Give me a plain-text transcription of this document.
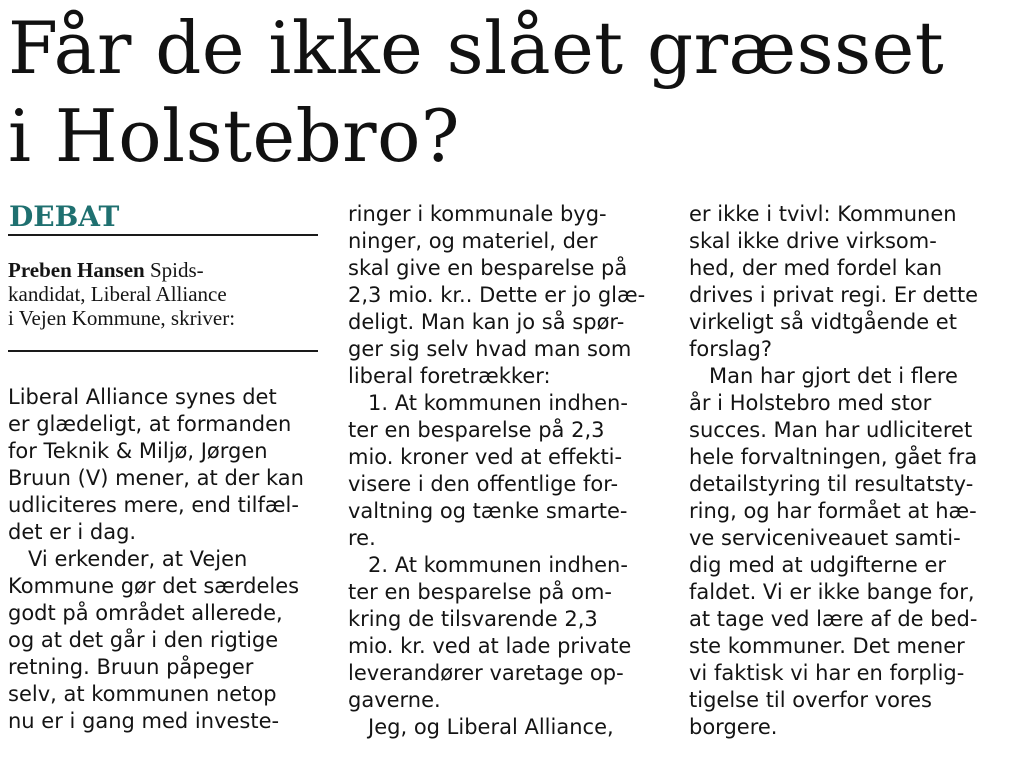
Får de ikke slået græsset
i Holstebro?
DEBAT
Preben Hansen Spids-
kandidat, Liberal Alliance
i Vejen Kommune, skriver:
Liberal Alliance synes det
er glædeligt, at formanden
for Teknik & Miljø, Jørgen
Bruun (V) mener, at der kan
udliciteres mere, end tilfæl-
det er i dag.
Vi erkender, at Vejen
Kommune gør det særdeles
godt på området allerede,
og at det går i den rigtige
retning. Bruun påpeger
selv, at kommunen netop
nu er i gang med investe-
ringer i kommunale byg-
ninger, og materiel, der
skal give en besparelse på
2,3 mio. kr.. Dette er jo glæ-
deligt. Man kan jo så spør-
ger sig selv hvad man som
liberal foretrækker:
1. At kommunen indhen-
ter en besparelse på 2,3
mio. kroner ved at effekti-
visere i den offentlige for-
valtning og tænke smarte-
re.
2. At kommunen indhen-
ter en besparelse på om-
kring de tilsvarende 2,3
mio. kr. ved at lade private
leverandører varetage op-
gaverne.
Jeg, og Liberal Alliance,
er ikke i tvivl: Kommunen
skal ikke drive virksom-
hed, der med fordel kan
drives i privat regi. Er dette
virkeligt så vidtgående et
forslag?
Man har gjort det i flere
år i Holstebro med stor
succes. Man har udliciteret
hele forvaltningen, gået fra
detailstyring til resultatsty-
ring, og har formået at hæ-
ve serviceniveauet samti-
dig med at udgifterne er
faldet. Vi er ikke bange for,
at tage ved lære af de bed-
ste kommuner. Det mener
vi faktisk vi har en forplig-
tigelse til overfor vores
borgere.
